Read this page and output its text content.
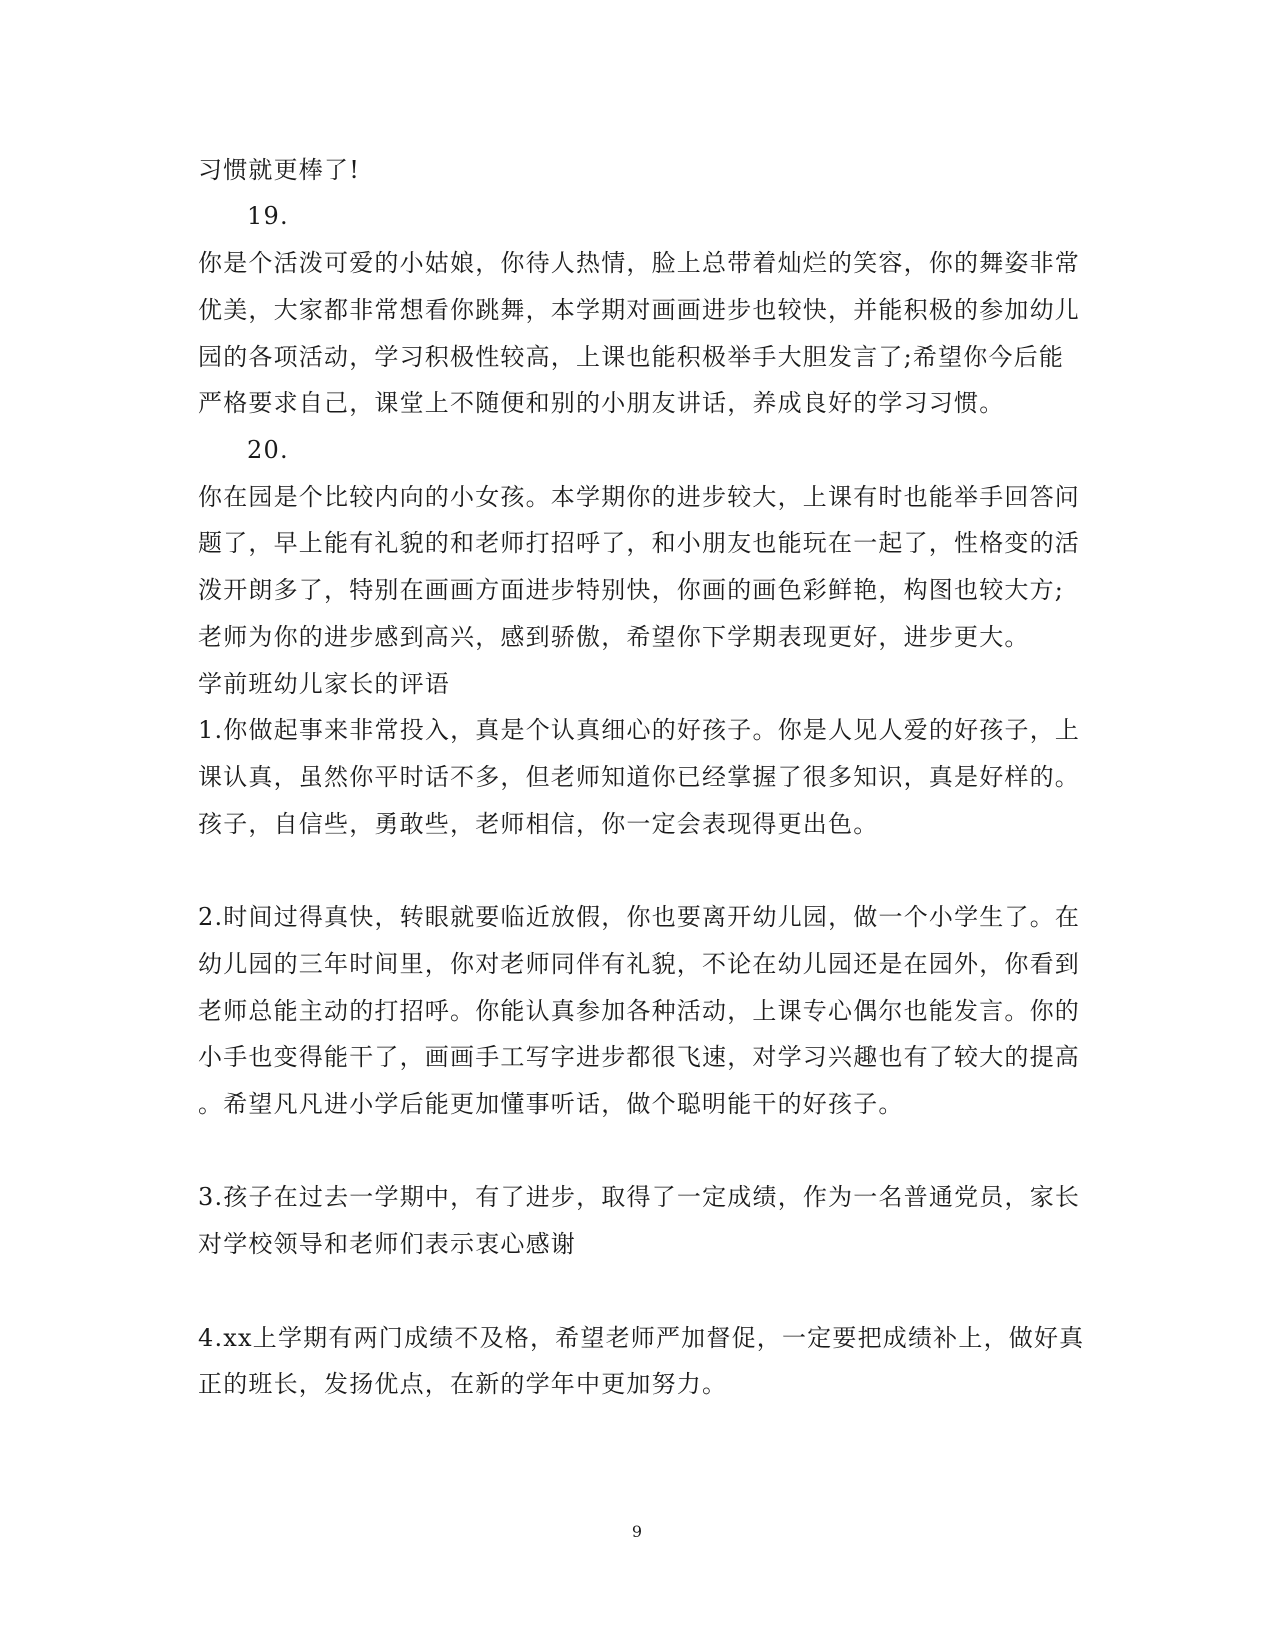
习惯就更棒了!
19.
你是个活泼可爱的小姑娘，你待人热情，脸上总带着灿烂的笑容，你的舞姿非常
优美，大家都非常想看你跳舞，本学期对画画进步也较快，并能积极的参加幼儿
园的各项活动，学习积极性较高，上课也能积极举手大胆发言了;希望你今后能
严格要求自己，课堂上不随便和别的小朋友讲话，养成良好的学习习惯。
20.
你在园是个比较内向的小女孩。本学期你的进步较大，上课有时也能举手回答问
题了，早上能有礼貌的和老师打招呼了，和小朋友也能玩在一起了，性格变的活
泼开朗多了，特别在画画方面进步特别快，你画的画色彩鲜艳，构图也较大方;
老师为你的进步感到高兴，感到骄傲，希望你下学期表现更好，进步更大。
学前班幼儿家长的评语
1.你做起事来非常投入，真是个认真细心的好孩子。你是人见人爱的好孩子，上
课认真，虽然你平时话不多，但老师知道你已经掌握了很多知识，真是好样的。
孩子，自信些，勇敢些，老师相信，你一定会表现得更出色。
2.时间过得真快，转眼就要临近放假，你也要离开幼儿园，做一个小学生了。在
幼儿园的三年时间里，你对老师同伴有礼貌，不论在幼儿园还是在园外，你看到
老师总能主动的打招呼。你能认真参加各种活动，上课专心偶尔也能发言。你的
小手也变得能干了，画画手工写字进步都很飞速，对学习兴趣也有了较大的提高
。希望凡凡进小学后能更加懂事听话，做个聪明能干的好孩子。
3.孩子在过去一学期中，有了进步，取得了一定成绩，作为一名普通党员，家长
对学校领导和老师们表示衷心感谢
4.xx上学期有两门成绩不及格，希望老师严加督促，一定要把成绩补上，做好真
正的班长，发扬优点，在新的学年中更加努力。
9
